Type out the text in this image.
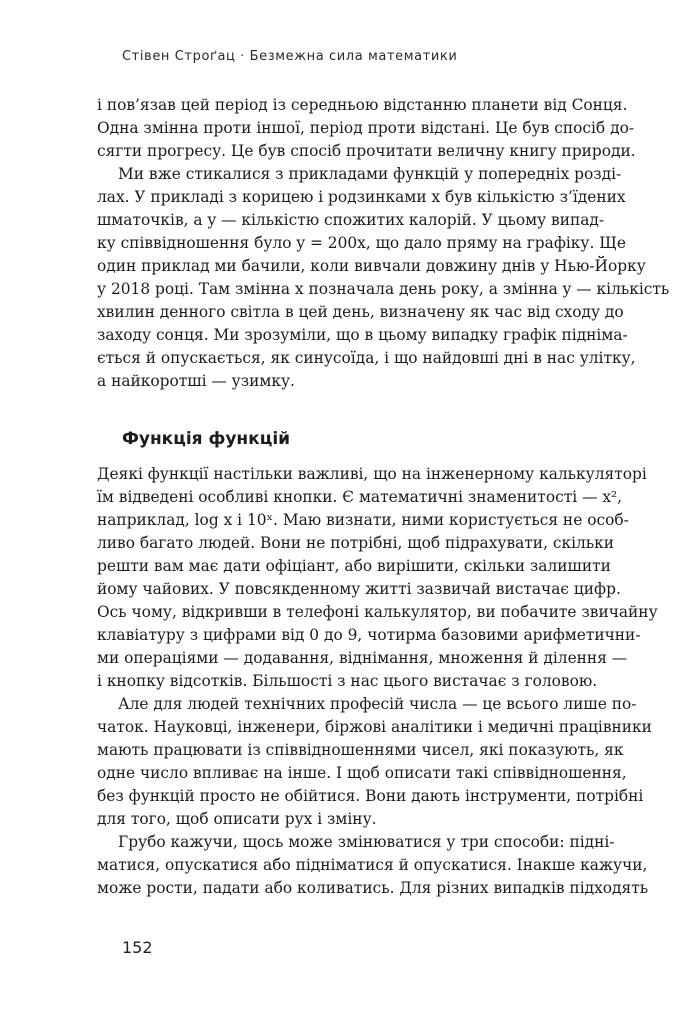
Стівен Строґац · Безмежна сила математики
і пов’язав цей період із середньою відстанню планети від Сонця.
Одна змінна проти іншої, період проти відстані. Це був спосіб до-
сягти прогресу. Це був спосіб прочитати величну книгу природи.
Ми вже стикалися з прикладами функцій у попередніх розді-
лах. У прикладі з корицею і родзинками x був кількістю з’їдених
шматочків, а y — кількістю спожитих калорій. У цьому випад-
ку співвідношення було y = 200x, що дало пряму на графіку. Ще
один приклад ми бачили, коли вивчали довжину днів у Нью-Йорку
у 2018 році. Там змінна x позначала день року, а змінна y — кількість
хвилин денного світла в цей день, визначену як час від сходу до
заходу сонця. Ми зрозуміли, що в цьому випадку графік підніма-
ється й опускається, як синусоїда, і що найдовші дні в нас улітку,
а найкоротші — узимку.
Функція функцій
Деякі функції настільки важливі, що на інженерному калькуляторі
їм відведені особливі кнопки. Є математичні знаменитості — x²,
наприклад, log x і 10ˣ. Маю визнати, ними користується не особ-
ливо багато людей. Вони не потрібні, щоб підрахувати, скільки
решти вам має дати офіціант, або вирішити, скільки залишити
йому чайових. У повсякденному житті зазвичай вистачає цифр.
Ось чому, відкривши в телефоні калькулятор, ви побачите звичайну
клавіатуру з цифрами від 0 до 9, чотирма базовими арифметични-
ми операціями — додавання, віднімання, множення й ділення —
і кнопку відсотків. Більшості з нас цього вистачає з головою.
Але для людей технічних професій числа — це всього лише по-
чаток. Науковці, інженери, біржові аналітики і медичні працівники
мають працювати із співвідношеннями чисел, які показують, як
одне число впливає на інше. І щоб описати такі співвідношення,
без функцій просто не обійтися. Вони дають інструменти, потрібні
для того, щоб описати рух і зміну.
Грубо кажучи, щось може змінюватися у три способи: підні-
матися, опускатися або підніматися й опускатися. Інакше кажучи,
може рости, падати або коливатись. Для різних випадків підходять
152
